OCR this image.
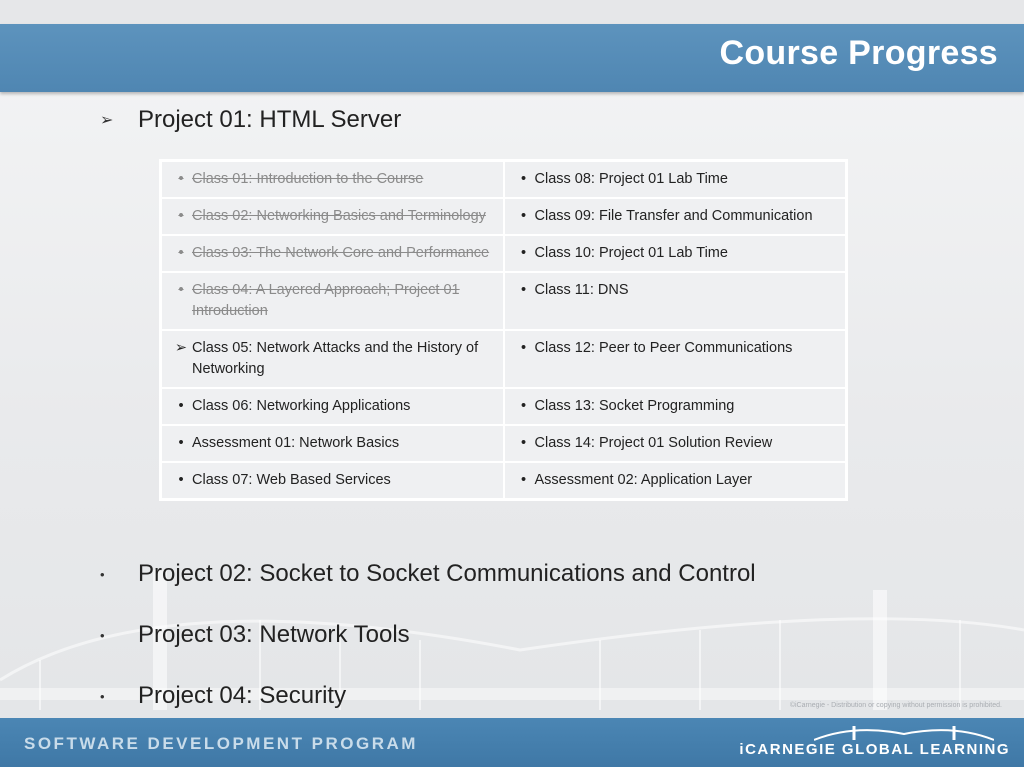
Course Progress
➢	Project 01: HTML Server
• Class 01: Introduction to the Course	• Class 08: Project 01 Lab Time

• Class 02: Networking Basics and Terminology	• Class 09: File Transfer and Communication

• Class 03: The Network Core and Performance	• Class 10: Project 01 Lab Time

• Class 04: A Layered Approach; Project 01 Introduction	• Class 11: DNS

➢ Class 05: Network Attacks and the History of Networking	• Class 12: Peer to Peer Communications

• Class 06: Networking Applications	• Class 13: Socket Programming

• Assessment 01: Network Basics	• Class 14: Project 01 Solution Review

• Class 07: Web Based Services	• Assessment 02: Application Layer
•	Project 02: Socket to Socket Communications and Control
•	Project 03: Network Tools
•	Project 04: Security	©iCarnegie - Distribution or copying without permission is prohibited.
SOFTWARE DEVELOPMENT PROGRAM	iCARNEGIE GLOBAL LEARNING
